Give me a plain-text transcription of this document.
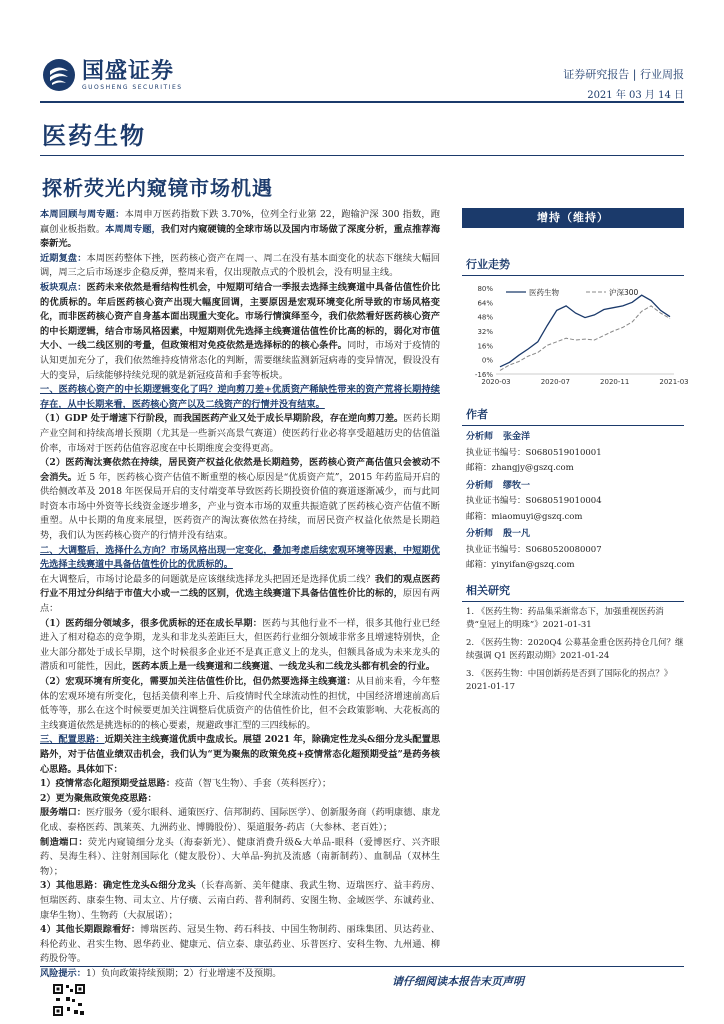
国盛证券
GUOSHENG SECURITIES
证券研究报告 | 行业周报
2021 年 03 月 14 日
医药生物
探析荧光内窥镜市场机遇

本周回顾与周专题：本周申万医药指数下跌 3.70%，位列全行业第 22，跑输沪深 300 指数，跑赢创业板指数。本周周专题，我们对内窥硬镜的全球市场以及国内市场做了深度分析，重点推荐海泰新光。

近期复盘：本周医药整体下挫，医药核心资产在周一、周二在没有基本面变化的状态下继续大幅回调，周三之后市场逐步企稳反弹，整周来看，仅出现散点式的个股机会，没有明显主线。

板块观点：医药未来依然是看结构性机会，中短期可结合一季报去选择主线赛道中具备估值性价比的优质标的。年后医药核心资产出现大幅度回调，主要原因是宏观环境变化所导致的市场风格变化，而非医药核心资产自身基本面出现重大变化。市场行情演绎至今，我们依然看好医药核心资产的中长期逻辑，结合市场风格因素，中短期则优先选择主线赛道估值性价比高的标的，弱化对市值大小、一线二线区别的考量，但政策相对免疫依然是选择标的的核心条件。同时，市场对于疫情的认知更加充分了，我们依然维持疫情常态化的判断，需要继续监测新冠病毒的变异情况，假设没有大的变异，后续能够持续兑现的就是新冠疫苗和手套等板块。

一、医药核心资产的中长期逻辑变化了吗？逆向剪刀差+优质资产稀缺性带来的资产荒将长期持续存在，从中长期来看，医药核心资产以及二线资产的行情并没有结束。

（1）GDP 处于增速下行阶段，而我国医药产业又处于成长早期阶段，存在逆向剪刀差。医药长期产业空间和持续高增长预期（尤其是一些新兴高景气赛道）使医药行业必将享受超越历史的估值溢价率，市场对于医药估值容忍度在中长期维度会变得更高。

（2）医药淘汰赛依然在持续，居民资产权益化依然是长期趋势，医药核心资产高估值只会被动不会消失。近 5 年，医药核心资产估值不断重塑的核心原因是“优质资产荒”，2015 年药监局开启的供给侧改革及 2018 年医保局开启的支付端变革导致医药长期投资价值的赛道逐渐减少，而与此同时资本市场中外资等长线资金逐步增多，产业与资本市场的双重共振造就了医药核心资产估值不断重塑。从中长期的角度来展望，医药资产的淘汰赛依然在持续，而居民资产权益化依然是长期趋势，我们认为医药核心资产的行情并没有结束。

二、大调整后，选择什么方向？市场风格出现一定变化，叠加考虑后续宏观环境等因素，中短期优先选择主线赛道中具备估值性价比的优质标的。

在大调整后，市场讨论最多的问题就是应该继续选择龙头把固还是选择优质二线？我们的观点医药行业不用过分纠结于市值大小或一二线的区别，优选主线赛道下具备估值性价比的标的，原因有两点：

（1）医药细分领域多，很多优质标的还在成长早期：医药与其他行业不一样，很多其他行业已经进入了相对稳态的竞争期，龙头和非龙头差距巨大，但医药行业细分领域非常多且增速特别快，企业大部分都处于成长早期，这个时候很多企业还不是真正意义上的龙头，但额具备成为未来龙头的潜质和可能性，因此，医药本质上是一线赛道和二线赛道、一线龙头和二线龙头都有机会的行业。

（2）宏观环境有所变化，需要加关注估值性价比，但仍然要选择主线赛道：从目前来看，今年整体的宏观环境有所变化，包括美债利率上升、后疫情时代全球流动性的担忧，中国经济增速前高后低等等，那么在这个时候要更加关注调整后优质资产的估值性价比，但不会政策影响、大花板高的主线赛道依然是挑选标的的核心要素，规避政事汇型的三四线标的。

三、配置思路：近期关注主线赛道优质中盘成长。展望 2021 年，除确定性龙头&细分龙头配置思路外，对于估值业绩双击机会，我们认为“更为聚焦的政策免疫+疫情常态化超预期受益”是药务核心思路。具体如下：

1）疫情常态化超预期受益思路：疫苗（智飞生物）、手套（英科医疗）；

2）更为聚焦政策免疫思路：

服务端口：医疗服务（爱尔眼科、通策医疗、信邦制药、国际医学）、创新服务商（药明康德、康龙化成、泰格医药、凯莱英、九洲药业、博腾股份）、渠道服务-药店（大参林、老百姓）；

制造端口：荧光内窥镜细分龙头（海泰新光）、健康消费升级&大单品-眼科（爱博医疗、兴齐眼药、昊海生科）、注射剂国际化（健友股份）、大单品-狗抗及流感（南新制药）、血制品（双林生物）；

3）其他思路：确定性龙头&细分龙头（长春高新、美年健康、我武生物、迈瑞医疗、益丰药房、恒瑞医药、康泰生物、司太立、片仔癀、云南白药、普利制药、安图生物、金域医学、东诚药业、康华生物）、生物药（大叔展诺）；

4）其他长期跟踪看好：博瑞医药、冠昊生物、药石科技、中国生物制药、丽珠集团、贝达药业、科伦药业、君实生物、恩华药业、健康元、信立泰、康弘药业、乐普医疗、安科生物、九州通、柳药股份等。

风险提示：1）负向政策持续预期；2）行业增速不及预期。

增持（维持）
行业走势
80%
64%
48%
32%
16%
0%
-16%
2020-03	2020-07	2020-11	2021-03
医药生物	沪深300
作者
分析师 张金洋
执业证书编号：S0680519010001
邮箱：zhangjy@gszq.com
分析师 缪牧一
执业证书编号：S0680519010004
邮箱：miaomuyi@gszq.com
分析师 殷一凡
执业证书编号：S0680520080007
邮箱：yinyifan@gszq.com
相关研究
1. 《医药生物：药品集采渐常态下，加强重视医药消费“皇冠上的明珠”》2021-01-31
2. 《医药生物：2020Q4 公募基金重仓医药持仓几何？继续强调 Q1 医药跟动期》2021-01-24
3. 《医药生物：中国创新药是否到了国际化的拐点？》2021-01-17
请仔细阅读本报告末页声明
